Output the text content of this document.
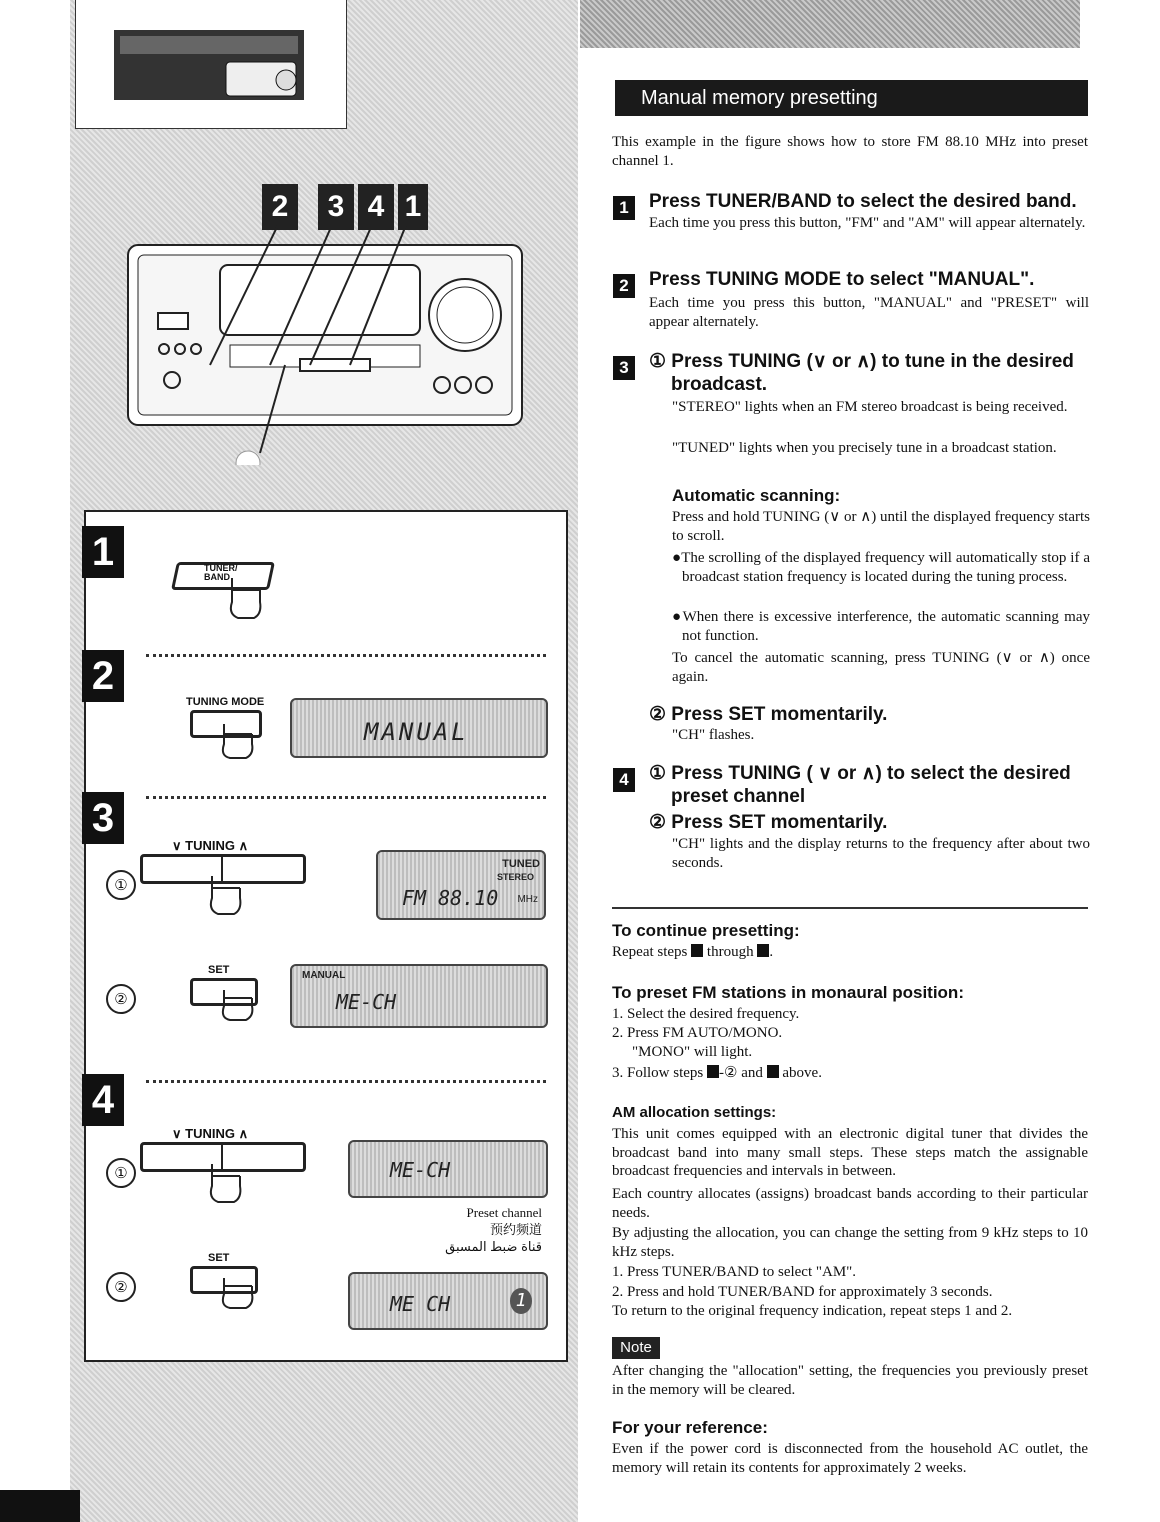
2	3 4 1
1	TUNER/ BAND
2
TUNING MODE
MANUAL
3
∨ TUNING ∧
①
TUNED
STEREO
FM 88.10 MHz
SET
②
MANUAL
ME-CH
4
∨ TUNING ∧
①	ME-CH
Preset channel
预约频道
قناة ضبط المسبق
SET
②
ME CH	1
Manual memory presetting
This example in the figure shows how to store FM 88.10 MHz into preset channel 1.
1	Press TUNER/BAND to select the desired band.
Each time you press this button, "FM" and "AM" will appear alternately.
2	Press TUNING MODE to select "MANUAL".
Each time you press this button, "MANUAL" and "PRESET" will appear alternately.
3	① Press TUNING (∨ or ∧) to tune in the desired broadcast.
"STEREO" lights when an FM stereo broadcast is being received.
"TUNED" lights when you precisely tune in a broadcast station.
Automatic scanning:
Press and hold TUNING (∨ or ∧) until the displayed frequency starts to scroll.
●The scrolling of the displayed frequency will automatically stop if a broadcast station frequency is located during the tuning process.
●When there is excessive interference, the automatic scanning may not function.
To cancel the automatic scanning, press TUNING (∨ or ∧) once again.
② Press SET momentarily.
"CH" flashes.
4	① Press TUNING ( ∨ or ∧) to select the desired preset channel
② Press SET momentarily.
"CH" lights and the display returns to the frequency after about two seconds.
To continue presetting:
Repeat steps through .
To preset FM stations in monaural position:
1. Select the desired frequency.
2. Press FM AUTO/MONO.
"MONO" will light.
3. Follow steps -② and above.
AM allocation settings:
This unit comes equipped with an electronic digital tuner that divides the broadcast band into many small steps. These steps match the assignable broadcast frequencies and intervals in between.
Each country allocates (assigns) broadcast bands according to their particular needs.
By adjusting the allocation, you can change the setting from 9 kHz steps to 10 kHz steps.
1. Press TUNER/BAND to select "AM".
2. Press and hold TUNER/BAND for approximately 3 seconds.
To return to the original frequency indication, repeat steps 1 and 2.
Note
After changing the "allocation" setting, the frequencies you previously preset in the memory will be cleared.
For your reference:
Even if the power cord is disconnected from the household AC outlet, the memory will retain its contents for approximately 2 weeks.
